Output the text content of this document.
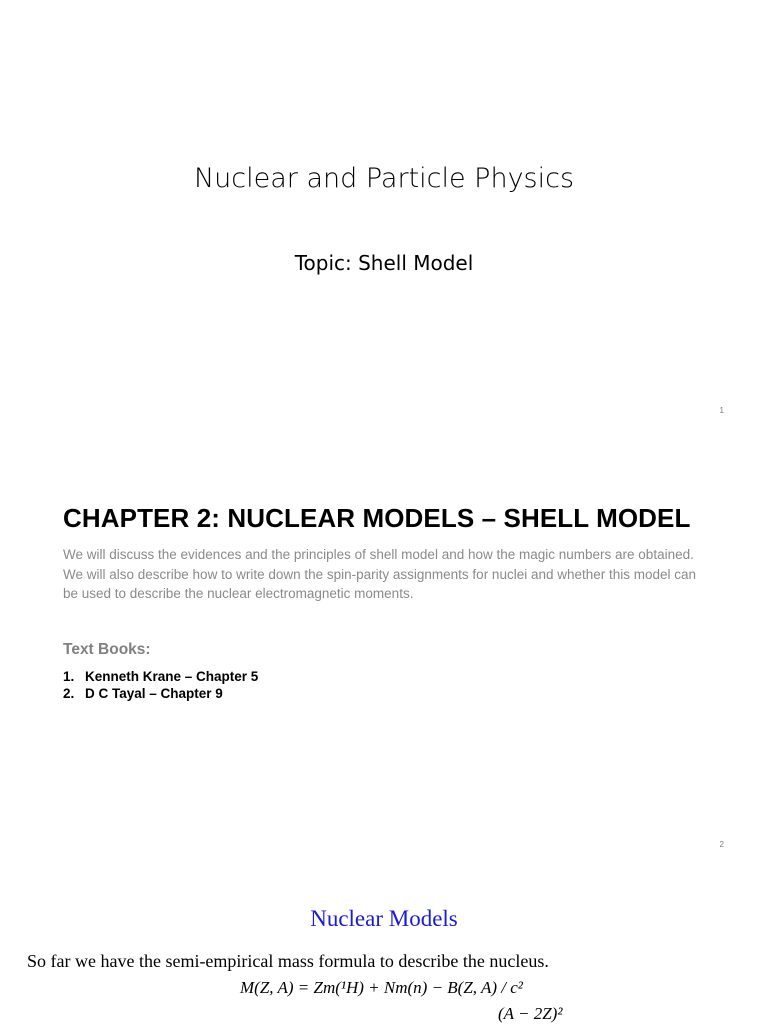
Nuclear and Particle Physics
Topic: Shell Model
1
CHAPTER 2: NUCLEAR MODELS – SHELL MODEL
We will discuss the evidences and the principles of shell model and how the magic numbers are obtained. We will also describe how to write down the spin-parity assignments for nuclei and whether this model can be used to describe the nuclear electromagnetic moments.
Text Books:
1. Kenneth Krane – Chapter 5
2. D C Tayal – Chapter 9
2
Nuclear Models
So far we have the semi-empirical mass formula to describe the nucleus.
M(Z, A) = Zm(¹H) + Nm(n) − B(Z, A) / c²
(A − 2Z)²
